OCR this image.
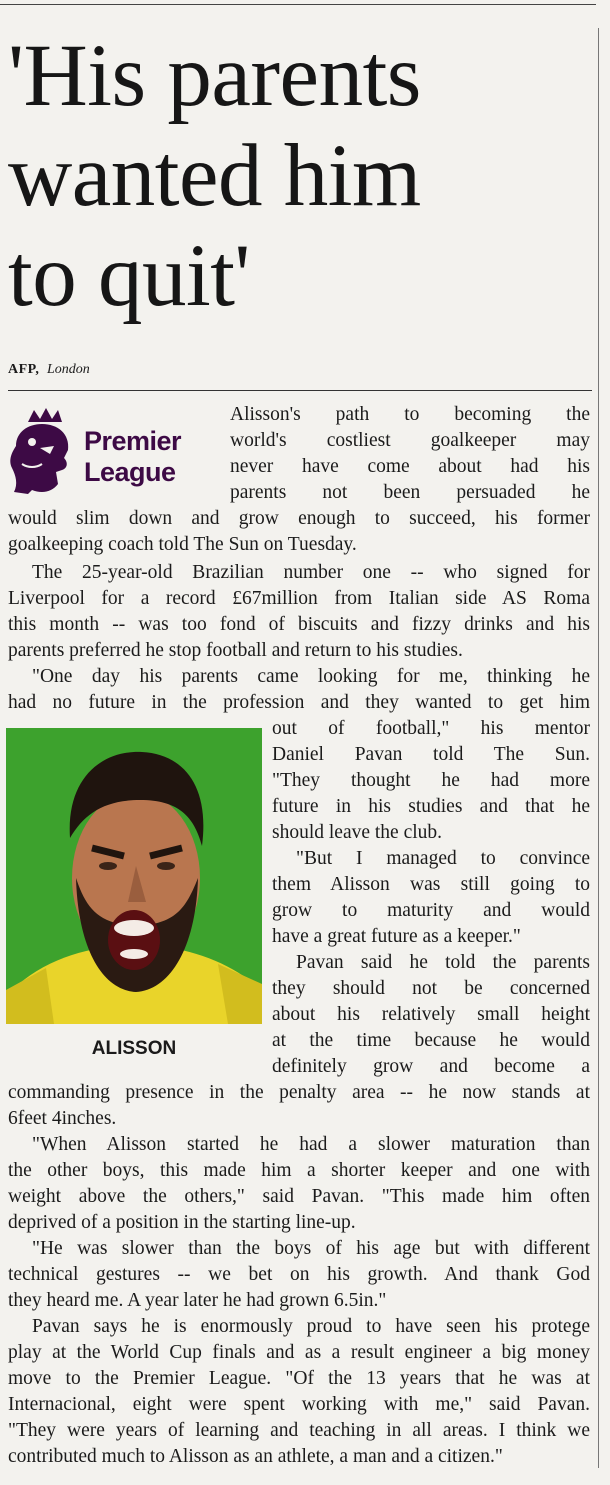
'His parents
wanted him
to quit'
AFP, London
Premier
League
ALISSON

Alisson's path to becoming the

world's costliest goalkeeper may

never have come about had his

parents not been persuaded he

would slim down and grow enough to succeed, his former

goalkeeping coach told The Sun on Tuesday.

The 25-year-old Brazilian number one -- who signed for

Liverpool for a record £67million from Italian side AS Roma

this month -- was too fond of biscuits and fizzy drinks and his

parents preferred he stop football and return to his studies.

"One day his parents came looking for me, thinking he

had no future in the profession and they wanted to get him

out of football," his mentor

Daniel Pavan told The Sun.

"They thought he had more

future in his studies and that he

should leave the club.

"But I managed to convince

them Alisson was still going to

grow to maturity and would

have a great future as a keeper."

Pavan said he told the parents

they should not be concerned

about his relatively small height

at the time because he would

definitely grow and become a

commanding presence in the penalty area -- he now stands at

6feet 4inches.

"When Alisson started he had a slower maturation than

the other boys, this made him a shorter keeper and one with

weight above the others," said Pavan. "This made him often

deprived of a position in the starting line-up.

"He was slower than the boys of his age but with different

technical gestures -- we bet on his growth. And thank God

they heard me. A year later he had grown 6.5in."

Pavan says he is enormously proud to have seen his protege

play at the World Cup finals and as a result engineer a big money

move to the Premier League. "Of the 13 years that he was at

Internacional, eight were spent working with me," said Pavan.

"They were years of learning and teaching in all areas. I think we

contributed much to Alisson as an athlete, a man and a citizen."
